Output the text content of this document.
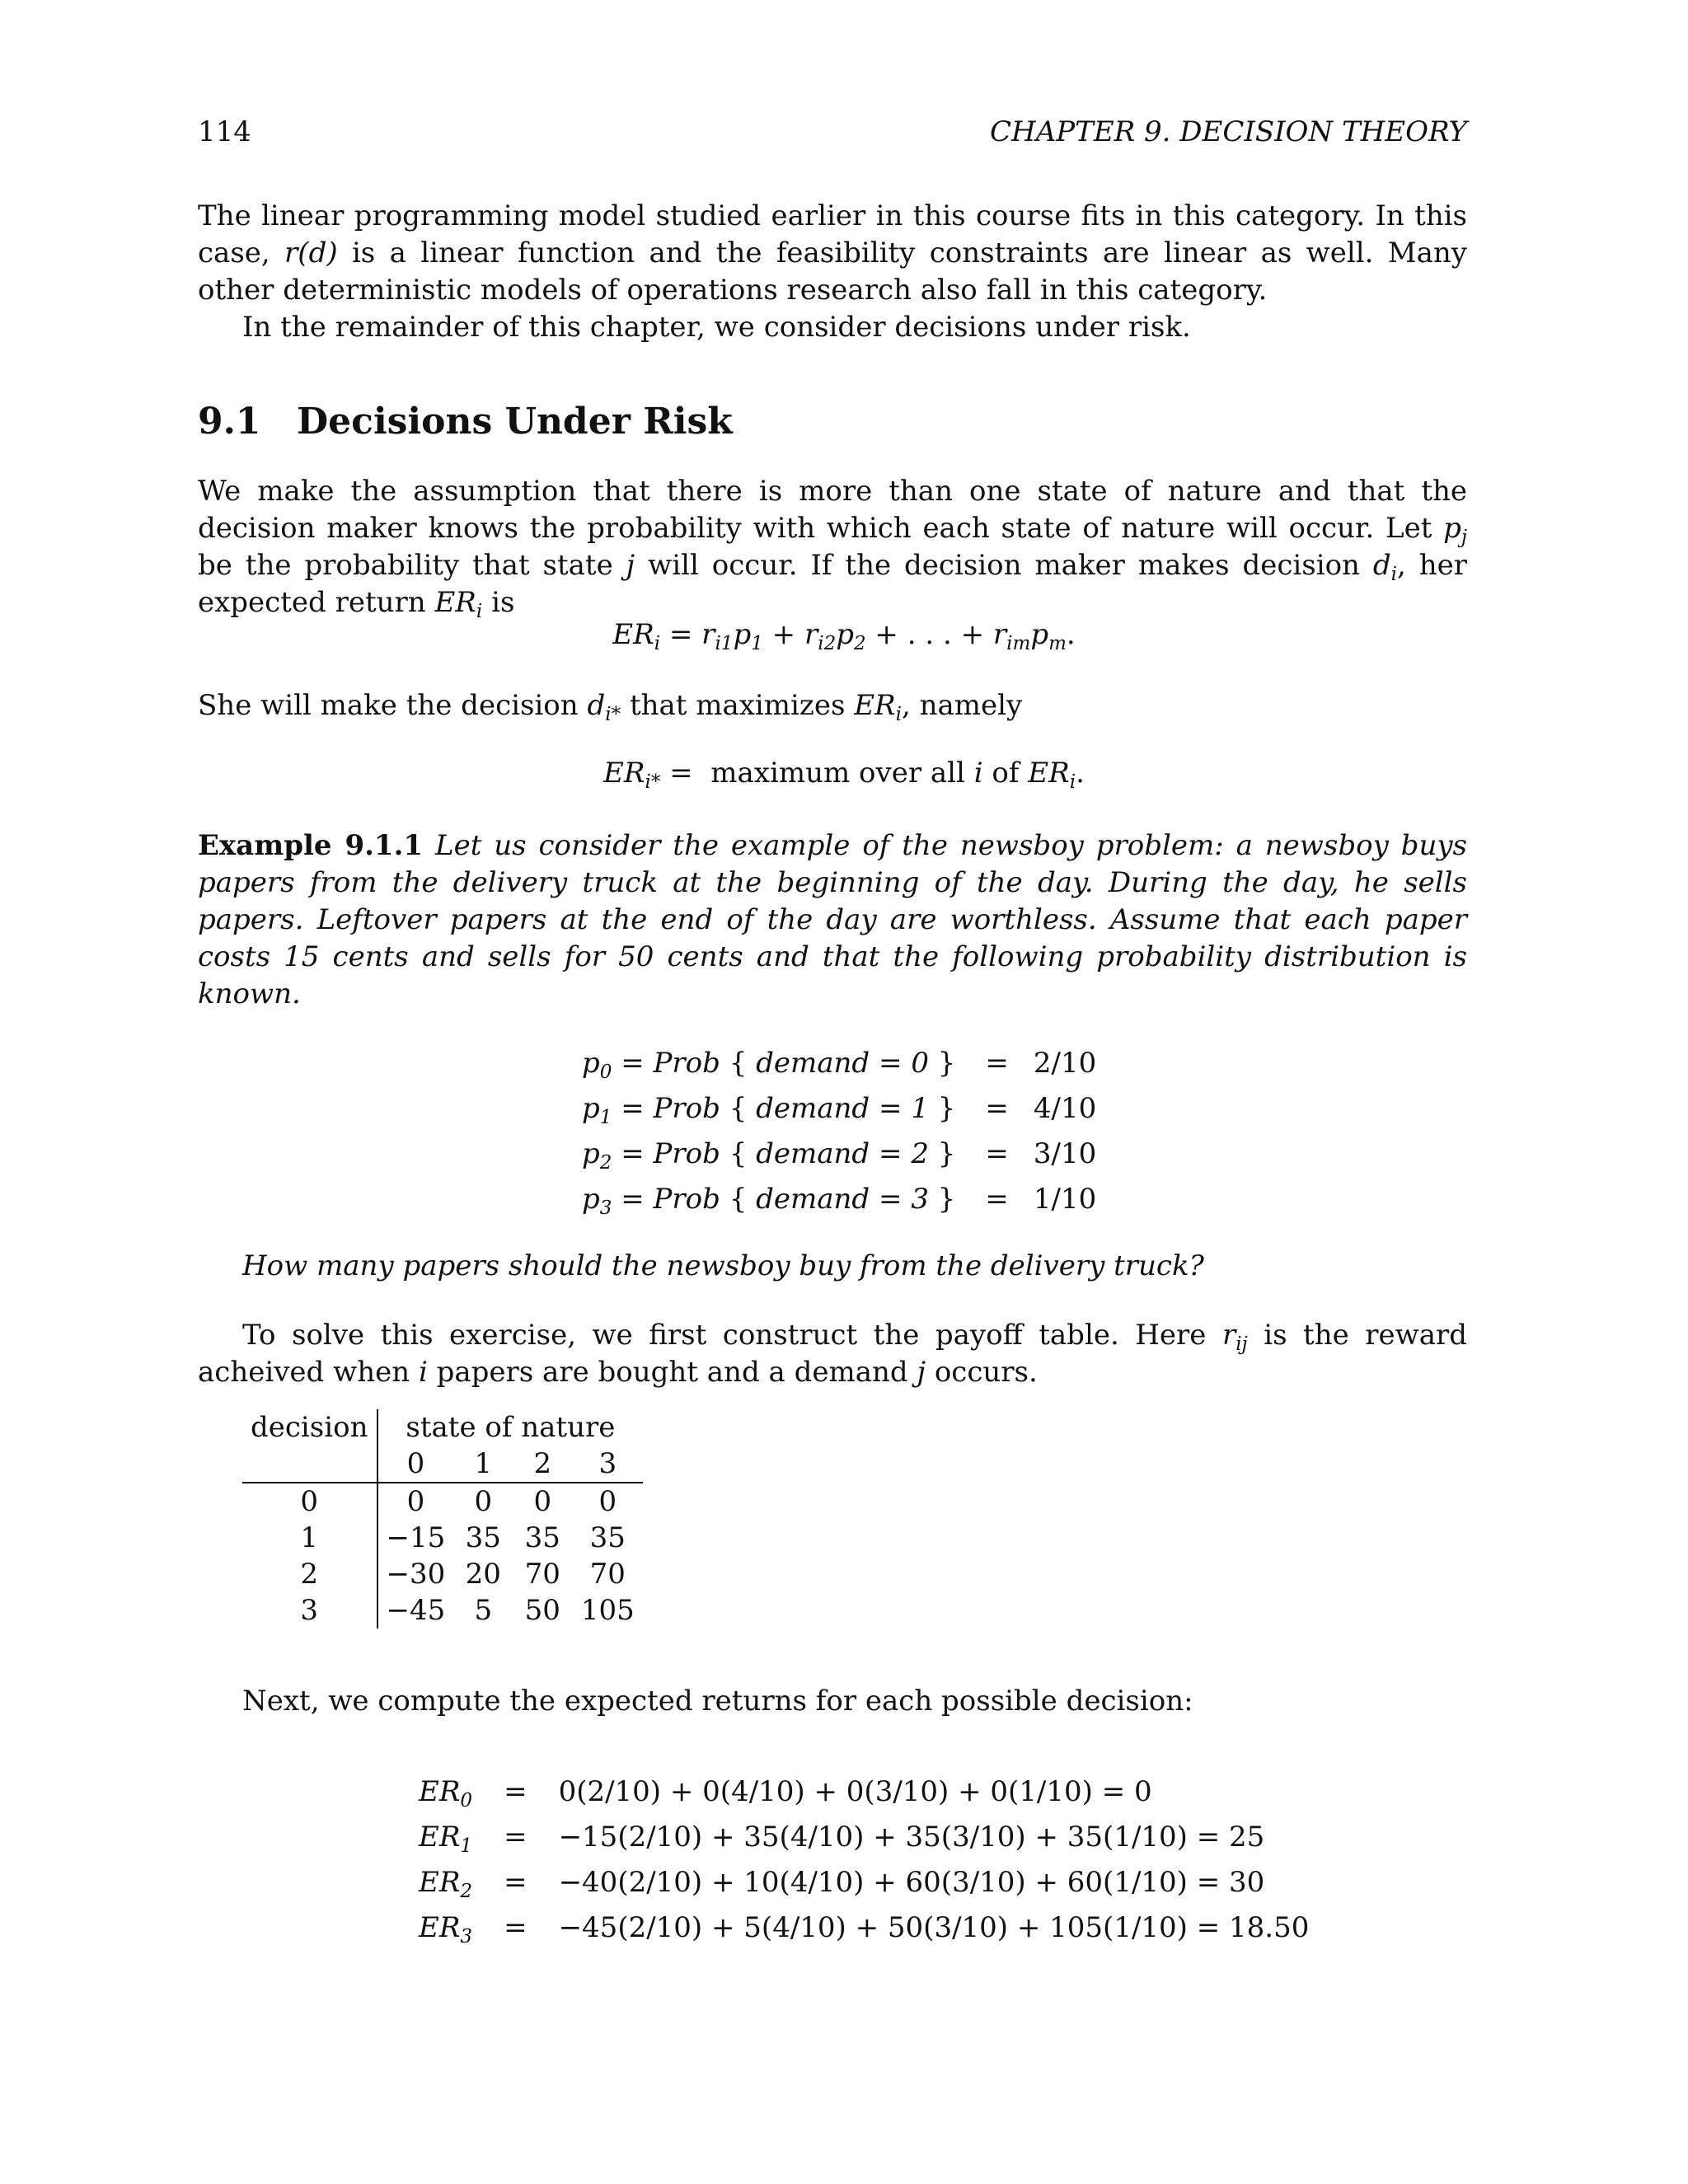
114	CHAPTER 9. DECISION THEORY
The linear programming model studied earlier in this course fits in this category. In this case, r(d) is a linear function and the feasibility constraints are linear as well. Many other deterministic models of operations research also fall in this category.
In the remainder of this chapter, we consider decisions under risk.
9.1 Decisions Under Risk
We make the assumption that there is more than one state of nature and that the decision maker knows the probability with which each state of nature will occur. Let $p_j$ be the probability that state j will occur. If the decision maker makes decision $d_i$, her expected return $ER_i$ is
$ER_i = r_{i1}p_1 + r_{i2}p_2$ + . . . + $r_{im}p_m$.
She will make the decision $d_{i*}$ that maximizes $ER_i$, namely
$ER_{i*}$ =  maximum over all i of $ER_i$.
Example 9.1.1 Let us consider the example of the newsboy problem: a newsboy buys papers from the delivery truck at the beginning of the day. During the day, he sells papers. Leftover papers at the end of the day are worthless. Assume that each paper costs 15 cents and sells for 50 cents and that the following probability distribution is known.
$p_0$ = Prob { demand = 0 }	=	2/10
$p_1$ = Prob { demand = 1 }	=	4/10
$p_2$ = Prob { demand = 2 }	=	3/10
$p_3$ = Prob { demand = 3 }	=	1/10
How many papers should the newsboy buy from the delivery truck?
To solve this exercise, we first construct the payoff table. Here $r_{ij}$ is the reward acheived when i papers are bought and a demand j occurs.
decision	state of nature			
	0	1	2	3
0	0	0	0	0
1	−15	35	35	35
2	−30	20	70	70
3	−45	5	50	105
Next, we compute the expected returns for each possible decision:
$ER_0$	=	0(2/10) + 0(4/10) + 0(3/10) + 0(1/10) = 0
$ER_1$	=	−15(2/10) + 35(4/10) + 35(3/10) + 35(1/10) = 25
$ER_2$	=	−40(2/10) + 10(4/10) + 60(3/10) + 60(1/10) = 30
$ER_3$	=	−45(2/10) + 5(4/10) + 50(3/10) + 105(1/10) = 18.50
